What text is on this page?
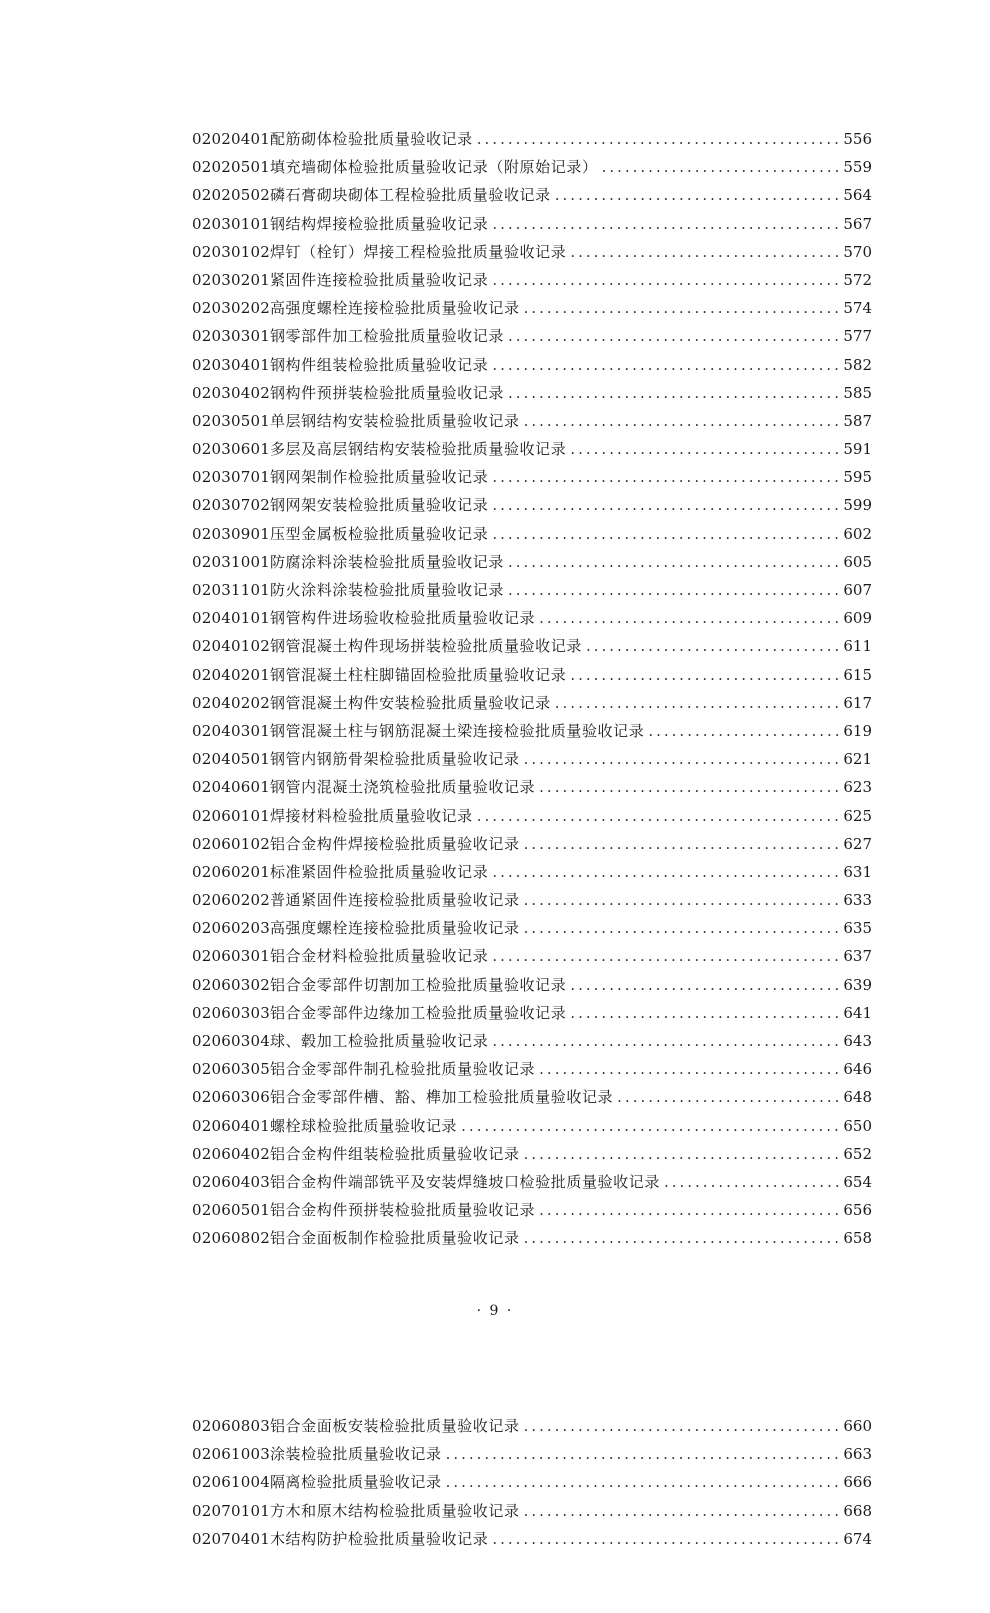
02020401 配筋砌体检验批质量验收记录 .....	556
02020501 填充墙砌体检验批质量验收记录（附原始记录） .....	559
02020502 磷石膏砌块砌体工程检验批质量验收记录 .....	564
02030101 钢结构焊接检验批质量验收记录 .....	567
02030102 焊钉（栓钉）焊接工程检验批质量验收记录 .....	570
02030201 紧固件连接检验批质量验收记录 .....	572
02030202 高强度螺栓连接检验批质量验收记录 .....	574
02030301 钢零部件加工检验批质量验收记录 .....	577
02030401 钢构件组装检验批质量验收记录 .....	582
02030402 钢构件预拼装检验批质量验收记录 .....	585
02030501 单层钢结构安装检验批质量验收记录 .....	587
02030601 多层及高层钢结构安装检验批质量验收记录 .....	591
02030701 钢网架制作检验批质量验收记录 .....	595
02030702 钢网架安装检验批质量验收记录 .....	599
02030901 压型金属板检验批质量验收记录 .....	602
02031001 防腐涂料涂装检验批质量验收记录 .....	605
02031101 防火涂料涂装检验批质量验收记录 .....	607
02040101 钢管构件进场验收检验批质量验收记录 .....	609
02040102 钢管混凝土构件现场拼装检验批质量验收记录 .....	611
02040201 钢管混凝土柱柱脚锚固检验批质量验收记录 .....	615
02040202 钢管混凝土构件安装检验批质量验收记录 .....	617
02040301 钢管混凝土柱与钢筋混凝土梁连接检验批质量验收记录 .....	619
02040501 钢管内钢筋骨架检验批质量验收记录 .....	621
02040601 钢管内混凝土浇筑检验批质量验收记录 .....	623
02060101 焊接材料检验批质量验收记录 .....	625
02060102 铝合金构件焊接检验批质量验收记录 .....	627
02060201 标准紧固件检验批质量验收记录 .....	631
02060202 普通紧固件连接检验批质量验收记录 .....	633
02060203 高强度螺栓连接检验批质量验收记录 .....	635
02060301 铝合金材料检验批质量验收记录 .....	637
02060302 铝合金零部件切割加工检验批质量验收记录 .....	639
02060303 铝合金零部件边缘加工检验批质量验收记录 .....	641
02060304 球、毂加工检验批质量验收记录 .....	643
02060305 铝合金零部件制孔检验批质量验收记录 .....	646
02060306 铝合金零部件槽、豁、榫加工检验批质量验收记录 .....	648
02060401 螺栓球检验批质量验收记录 .....	650
02060402 铝合金构件组装检验批质量验收记录 .....	652
02060403 铝合金构件端部铣平及安装焊缝坡口检验批质量验收记录 .....	654
02060501 铝合金构件预拼装检验批质量验收记录 .....	656
02060802 铝合金面板制作检验批质量验收记录 .....	658
· 9 ·
02060803 铝合金面板安装检验批质量验收记录 .....	660
02061003 涂装检验批质量验收记录 .....	663
02061004 隔离检验批质量验收记录 .....	666
02070101 方木和原木结构检验批质量验收记录 .....	668
02070401 木结构防护检验批质量验收记录 .....	674
